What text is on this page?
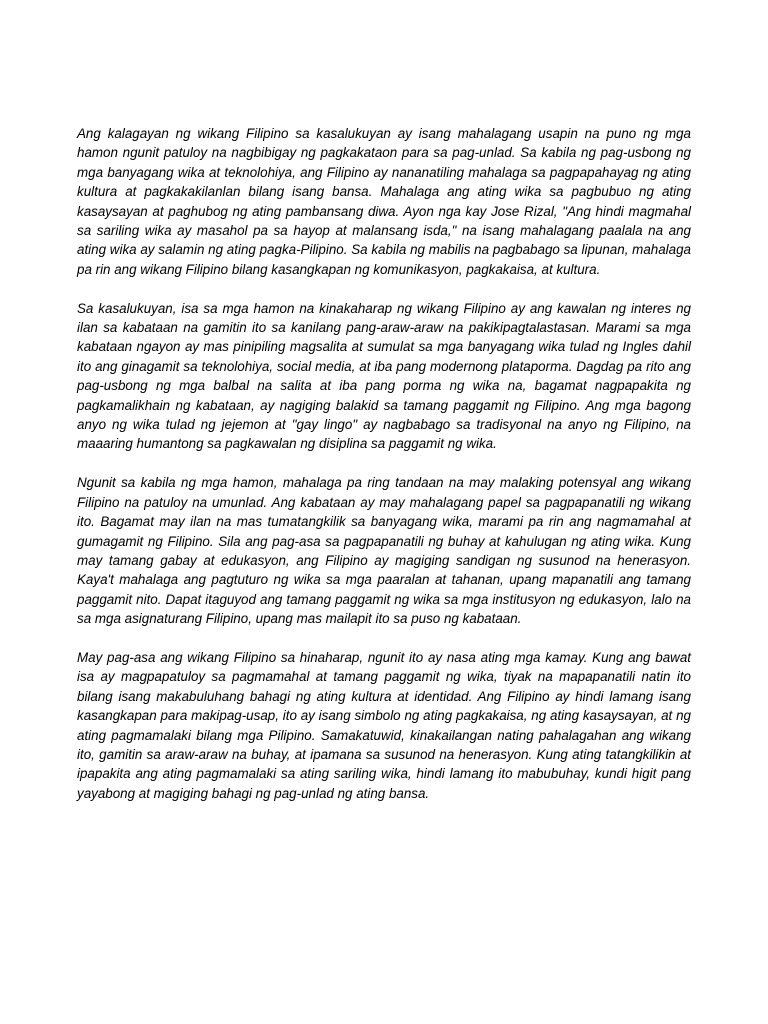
Ang kalagayan ng wikang Filipino sa kasalukuyan ay isang mahalagang usapin na puno ng mga hamon ngunit patuloy na nagbibigay ng pagkakataon para sa pag-unlad. Sa kabila ng pag-usbong ng mga banyagang wika at teknolohiya, ang Filipino ay nananatiling mahalaga sa pagpapahayag ng ating kultura at pagkakakilanlan bilang isang bansa. Mahalaga ang ating wika sa pagbubuo ng ating kasaysayan at paghubog ng ating pambansang diwa. Ayon nga kay Jose Rizal, "Ang hindi magmahal sa sariling wika ay masahol pa sa hayop at malansang isda," na isang mahalagang paalala na ang ating wika ay salamin ng ating pagka-Pilipino. Sa kabila ng mabilis na pagbabago sa lipunan, mahalaga pa rin ang wikang Filipino bilang kasangkapan ng komunikasyon, pagkakaisa, at kultura.

Sa kasalukuyan, isa sa mga hamon na kinakaharap ng wikang Filipino ay ang kawalan ng interes ng ilan sa kabataan na gamitin ito sa kanilang pang-araw-araw na pakikipagtalastasan. Marami sa mga kabataan ngayon ay mas pinipiling magsalita at sumulat sa mga banyagang wika tulad ng Ingles dahil ito ang ginagamit sa teknolohiya, social media, at iba pang modernong plataporma. Dagdag pa rito ang pag-usbong ng mga balbal na salita at iba pang porma ng wika na, bagamat nagpapakita ng pagkamalikhain ng kabataan, ay nagiging balakid sa tamang paggamit ng Filipino. Ang mga bagong anyo ng wika tulad ng jejemon at "gay lingo" ay nagbabago sa tradisyonal na anyo ng Filipino, na maaaring humantong sa pagkawalan ng disiplina sa paggamit ng wika.

Ngunit sa kabila ng mga hamon, mahalaga pa ring tandaan na may malaking potensyal ang wikang Filipino na patuloy na umunlad. Ang kabataan ay may mahalagang papel sa pagpapanatili ng wikang ito. Bagamat may ilan na mas tumatangkilik sa banyagang wika, marami pa rin ang nagmamahal at gumagamit ng Filipino. Sila ang pag-asa sa pagpapanatili ng buhay at kahulugan ng ating wika. Kung may tamang gabay at edukasyon, ang Filipino ay magiging sandigan ng susunod na henerasyon. Kaya't mahalaga ang pagtuturo ng wika sa mga paaralan at tahanan, upang mapanatili ang tamang paggamit nito. Dapat itaguyod ang tamang paggamit ng wika sa mga institusyon ng edukasyon, lalo na sa mga asignaturang Filipino, upang mas mailapit ito sa puso ng kabataan.

May pag-asa ang wikang Filipino sa hinaharap, ngunit ito ay nasa ating mga kamay. Kung ang bawat isa ay magpapatuloy sa pagmamahal at tamang paggamit ng wika, tiyak na mapapanatili natin ito bilang isang makabuluhang bahagi ng ating kultura at identidad. Ang Filipino ay hindi lamang isang kasangkapan para makipag-usap, ito ay isang simbolo ng ating pagkakaisa, ng ating kasaysayan, at ng ating pagmamalaki bilang mga Pilipino. Samakatuwid, kinakailangan nating pahalagahan ang wikang ito, gamitin sa araw-araw na buhay, at ipamana sa susunod na henerasyon. Kung ating tatangkilikin at ipapakita ang ating pagmamalaki sa ating sariling wika, hindi lamang ito mabubuhay, kundi higit pang yayabong at magiging bahagi ng pag-unlad ng ating bansa.
